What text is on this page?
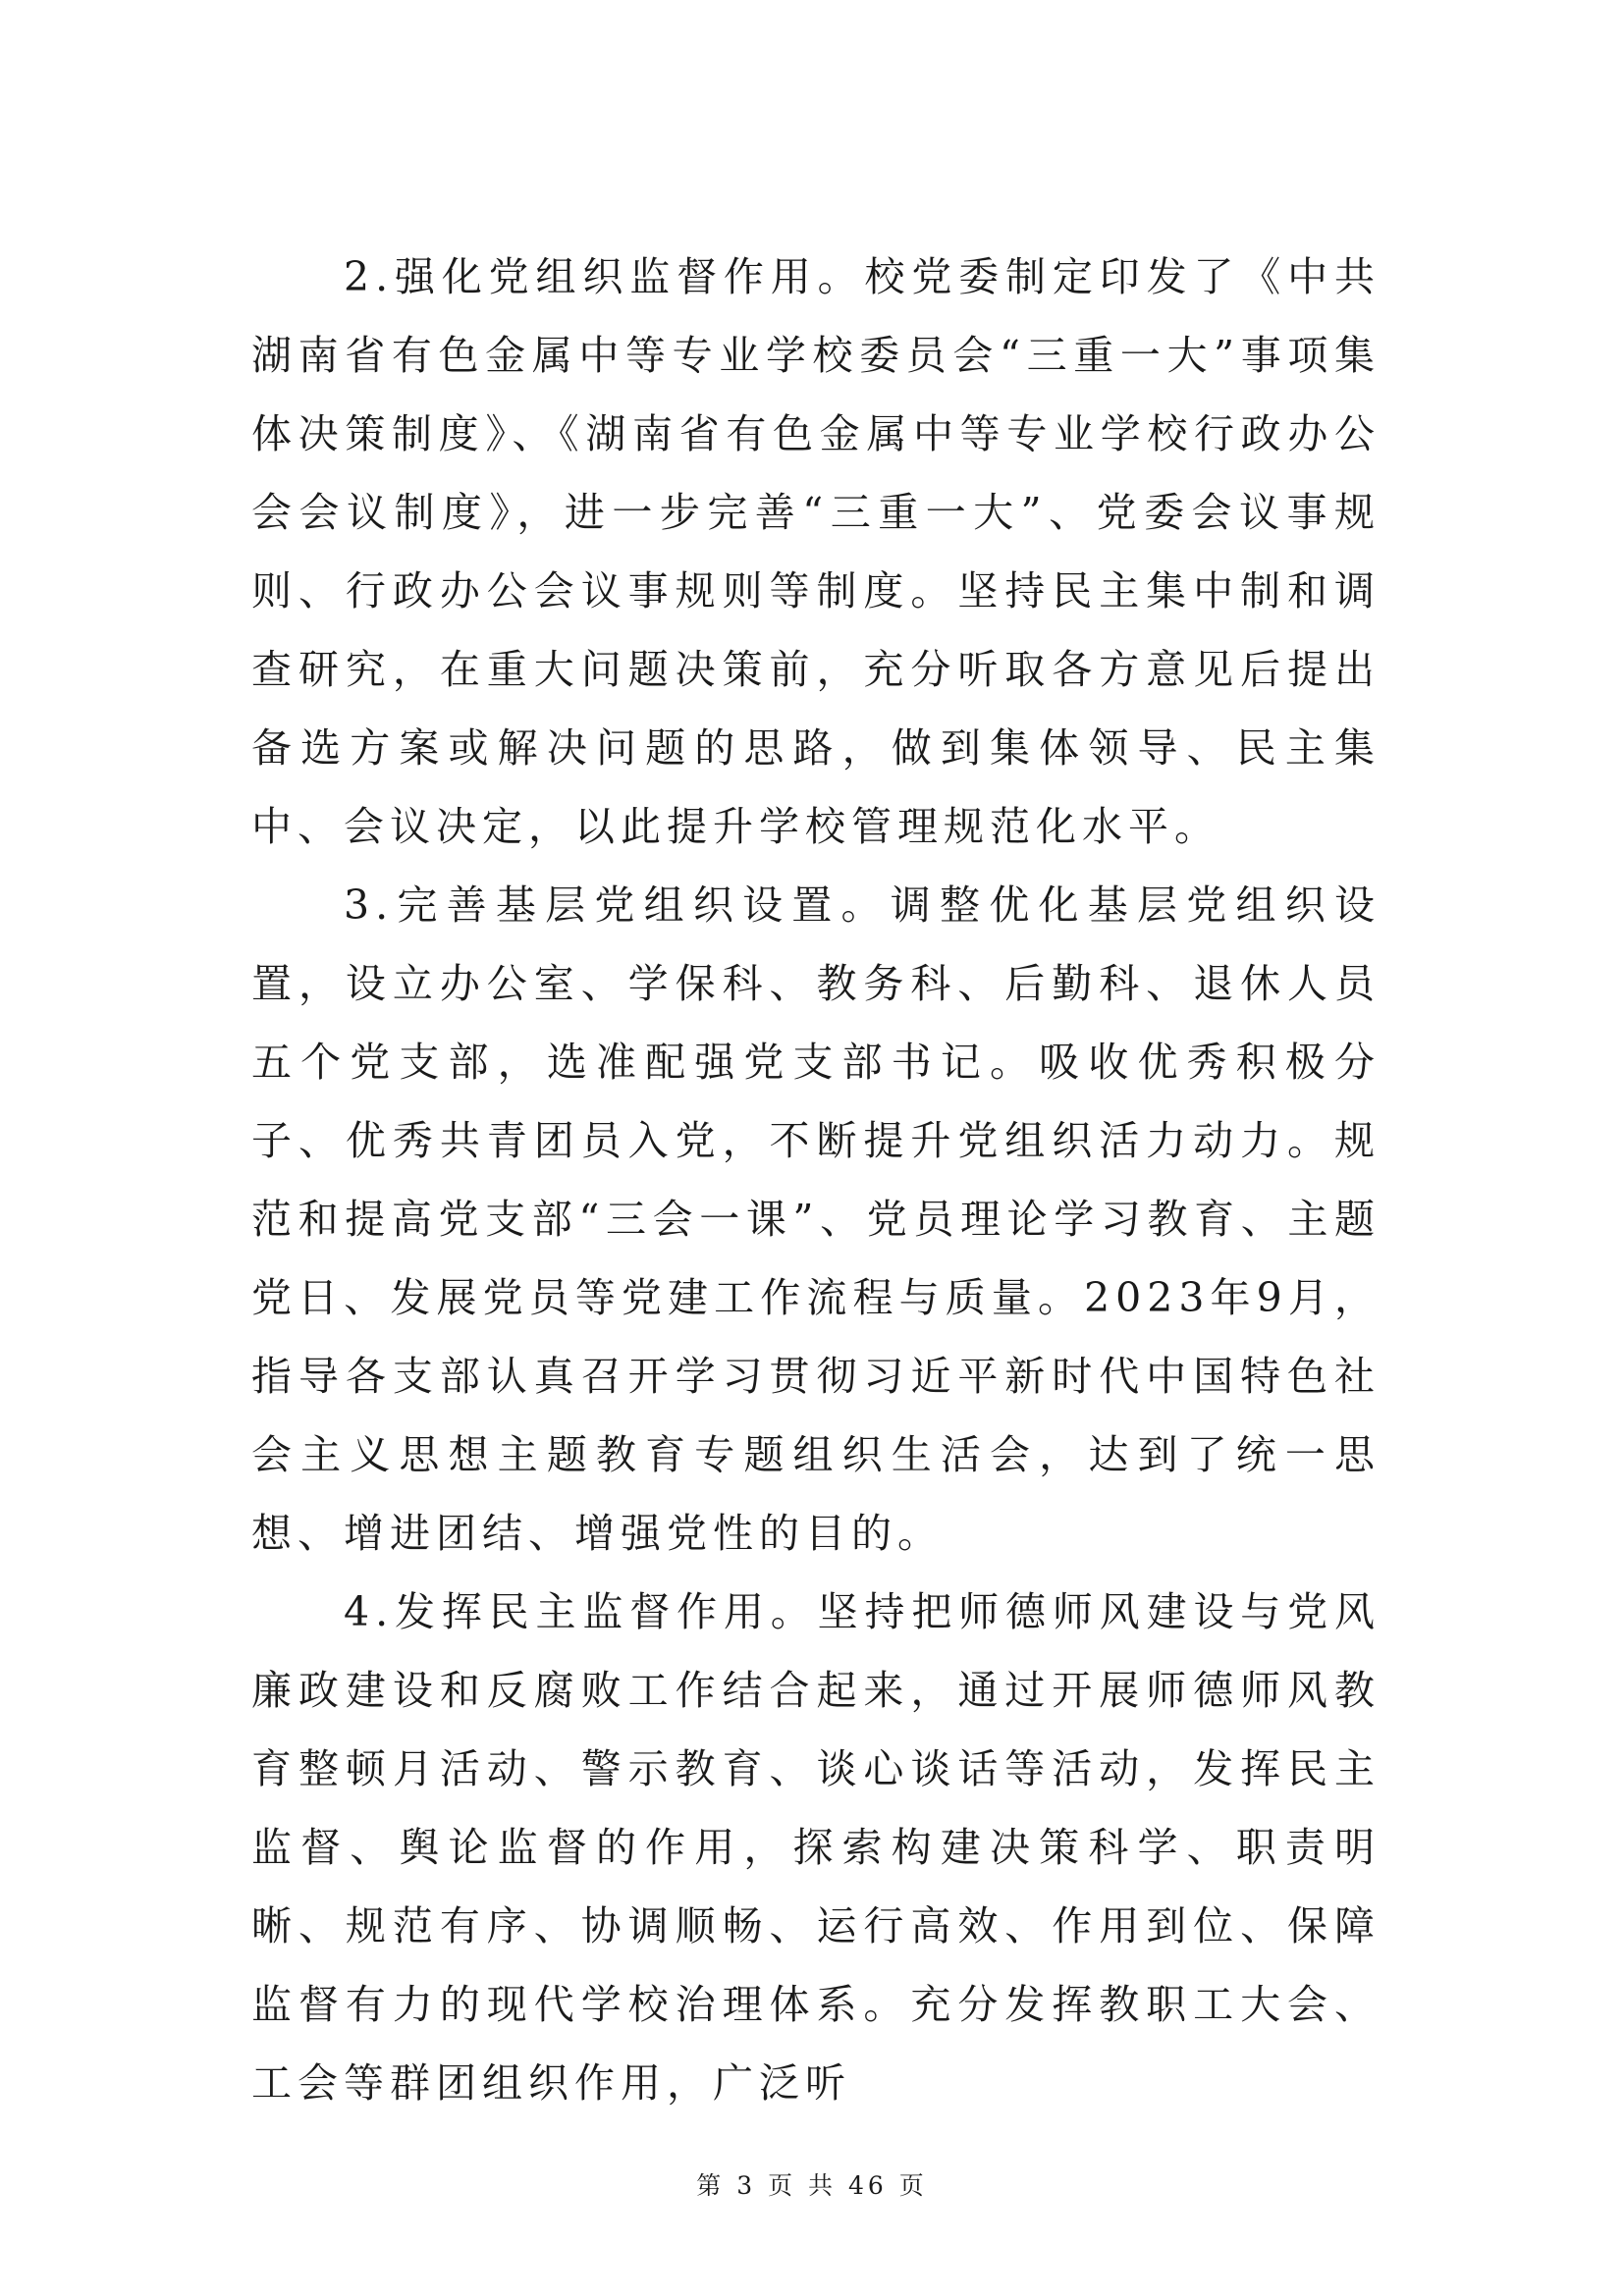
2.强化党组织监督作用。校党委制定印发了《中共湖南省有色金属中等专业学校委员会“三重一大”事项集体决策制度》、《湖南省有色金属中等专业学校行政办公会会议制度》，进一步完善“三重一大”、党委会议事规则、行政办公会议事规则等制度。坚持民主集中制和调查研究，在重大问题决策前，充分听取各方意见后提出备选方案或解决问题的思路，做到集体领导、民主集中、会议决定，以此提升学校管理规范化水平。

3.完善基层党组织设置。调整优化基层党组织设置，设立办公室、学保科、教务科、后勤科、退休人员五个党支部，选准配强党支部书记。吸收优秀积极分子、优秀共青团员入党，不断提升党组织活力动力。规范和提高党支部“三会一课”、党员理论学习教育、主题党日、发展党员等党建工作流程与质量。2023年9月，指导各支部认真召开学习贯彻习近平新时代中国特色社会主义思想主题教育专题组织生活会，达到了统一思想、增进团结、增强党性的目的。

4.发挥民主监督作用。坚持把师德师风建设与党风廉政建设和反腐败工作结合起来，通过开展师德师风教育整顿月活动、警示教育、谈心谈话等活动，发挥民主监督、舆论监督的作用，探索构建决策科学、职责明晰、规范有序、协调顺畅、运行高效、作用到位、保障监督有力的现代学校治理体系。充分发挥教职工大会、工会等群团组织作用，广泛听

第 3 页 共 46 页
